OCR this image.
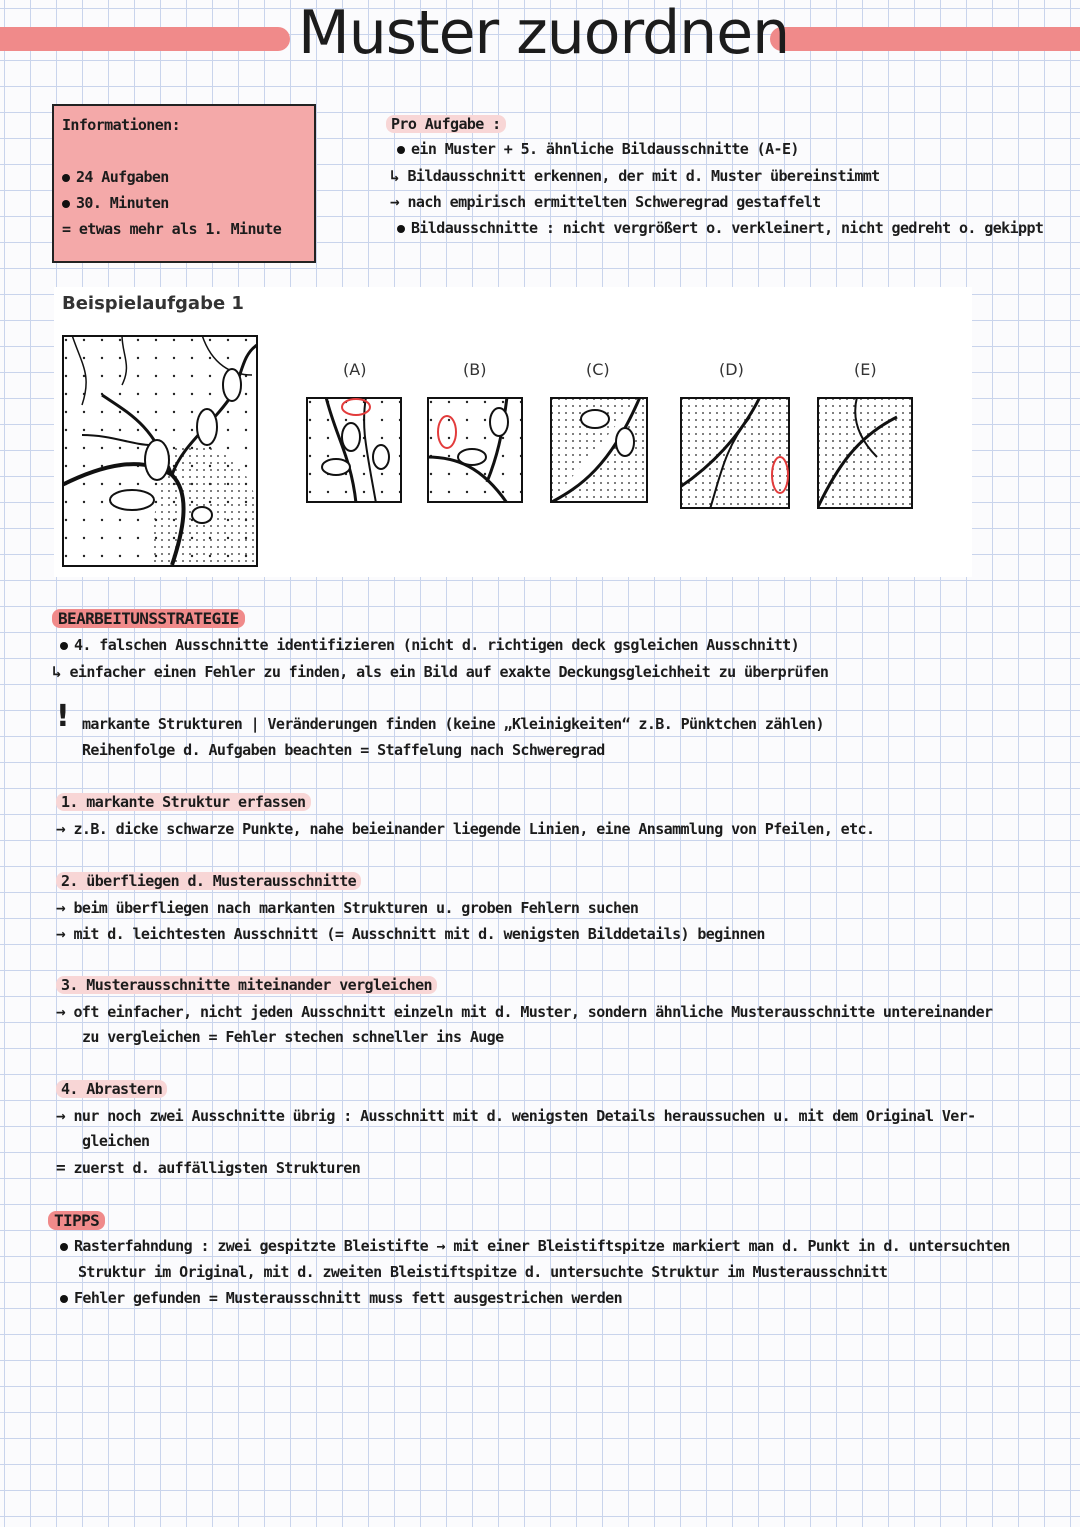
Muster zuordnen
Informationen:
24 Aufgaben
30. Minuten
= etwas mehr als 1. Minute
Pro Aufgabe :
ein Muster + 5. ähnliche Bildausschnitte (A-E)
↳ Bildausschnitt erkennen, der mit d. Muster übereinstimmt
→ nach empirisch ermittelten Schweregrad gestaffelt
Bildausschnitte : nicht vergrößert o. verkleinert, nicht gedreht o. gekippt
Beispielaufgabe 1
(A)	(B)	(C)	(D)	(E)
BEARBEITUNSSTRATEGIE
4. falschen Ausschnitte identifizieren (nicht d. richtigen deck gsgleichen Ausschnitt)
↳ einfacher einen Fehler zu finden, als ein Bild auf exakte Deckungsgleichheit zu überprüfen
! markante Strukturen | Veränderungen finden (keine „Kleinigkeiten“ z.B. Pünktchen zählen)
Reihenfolge d. Aufgaben beachten = Staffelung nach Schweregrad
1. markante Struktur erfassen
→ z.B. dicke schwarze Punkte, nahe beieinander liegende Linien, eine Ansammlung von Pfeilen, etc.
2. überfliegen d. Musterausschnitte
→ beim überfliegen nach markanten Strukturen u. groben Fehlern suchen
→ mit d. leichtesten Ausschnitt (= Ausschnitt mit d. wenigsten Bilddetails) beginnen
3. Musterausschnitte miteinander vergleichen
→ oft einfacher, nicht jeden Ausschnitt einzeln mit d. Muster, sondern ähnliche Musterausschnitte untereinander
zu vergleichen = Fehler stechen schneller ins Auge
4. Abrastern
→ nur noch zwei Ausschnitte übrig : Ausschnitt mit d. wenigsten Details heraussuchen u. mit dem Original Ver-
gleichen
= zuerst d. auffälligsten Strukturen
TIPPS
Rasterfahndung : zwei gespitzte Bleistifte → mit einer Bleistiftspitze markiert man d. Punkt in d. untersuchten
Struktur im Original, mit d. zweiten Bleistiftspitze d. untersuchte Struktur im Musterausschnitt
Fehler gefunden = Musterausschnitt muss fett ausgestrichen werden
